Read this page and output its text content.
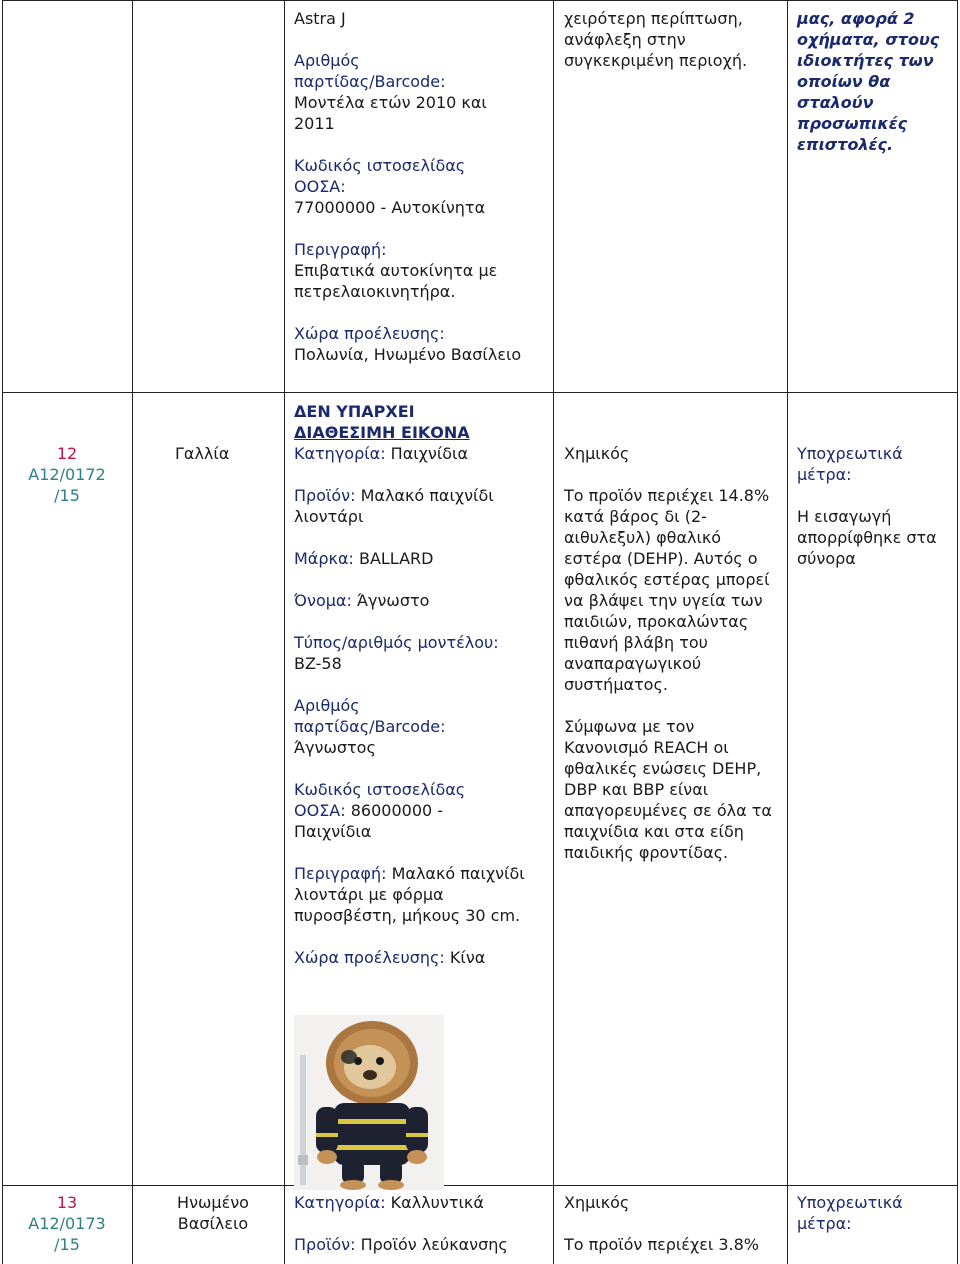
Astra J
Αριθμός παρτίδας/Barcode:
Μοντέλα ετών 2010 και 2011
Κωδικός ιστοσελίδας ΟΟΣΑ:
77000000 - Αυτοκίνητα
Περιγραφή:
Επιβατικά αυτοκίνητα με πετρελαιοκινητήρα.
Χώρα προέλευσης:
Πολωνία, Ηνωμένο Βασίλειο
χειρότερη περίπτωση, ανάφλεξη στην συγκεκριμένη περιοχή.
μας, αφορά 2 οχήματα, στους ιδιοκτήτες των οποίων θα σταλούν προσωπικές επιστολές.
12
A12/0172
/15
Γαλλία
ΔΕΝ ΥΠΑΡΧΕΙ
ΔΙΑΘΕΣΙΜΗ ΕΙΚΟΝΑ
Κατηγορία: Παιχνίδια
Προϊόν: Μαλακό παιχνίδι λιοντάρι
Μάρκα: BALLARD
Όνομα: Άγνωστο
Τύπος/αριθμός μοντέλου:
BZ-58
Αριθμός παρτίδας/Barcode:
Άγνωστος
Κωδικός ιστοσελίδας ΟΟΣΑ: 86000000 - Παιχνίδια
Περιγραφή: Μαλακό παιχνίδι λιοντάρι με φόρμα πυροσβέστη, μήκους 30 cm.
Χώρα προέλευσης: Κίνα
Χημικός
Το προϊόν περιέχει 14.8% κατά βάρος δι (2-αιθυλεξυλ) φθαλικό εστέρα (DEHP). Αυτός ο φθαλικός εστέρας μπορεί να βλάψει την υγεία των παιδιών, προκαλώντας πιθανή βλάβη του αναπαραγωγικού συστήματος.
Σύμφωνα με τον Κανονισμό REACH οι φθαλικές ενώσεις DEHP, DBP και BBP είναι απαγορευμένες σε όλα τα παιχνίδια και στα είδη παιδικής φροντίδας.
Υποχρεωτικά μέτρα:
Η εισαγωγή απορρίφθηκε στα σύνορα
13
A12/0173
/15
Ηνωμένο Βασίλειο
Κατηγορία: Καλλυντικά
Προϊόν: Προϊόν λεύκανσης
Χημικός
Το προϊόν περιέχει 3.8%
Υποχρεωτικά μέτρα:
